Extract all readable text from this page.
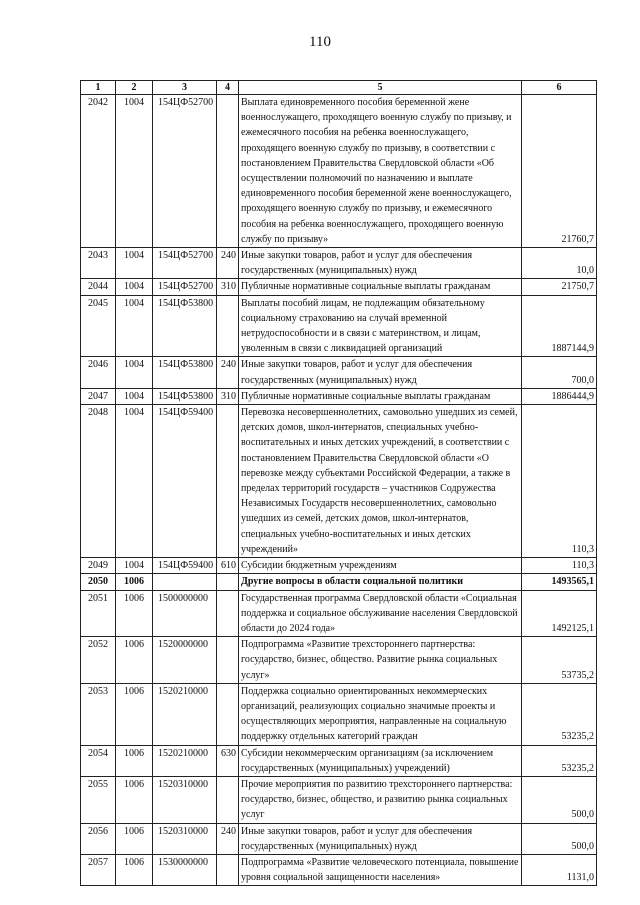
110
1	2	3	4	5	6
2042	1004	154ЦФ52700		Выплата единовременного пособия беременной жене военнослужащего, проходящего военную службу по призыву, и ежемесячного пособия на ребенка военнослужащего, проходящего военную службу по призыву, в соответствии с постановлением Правительства Свердловской области «Об осуществлении полномочий по назначению и выплате единовременного пособия беременной жене военнослужащего, проходящего военную службу по призыву, и ежемесячного пособия на ребенка военнослужащего, проходящего военную службу по призыву»	21760,7
2043	1004	154ЦФ52700	240	Иные закупки товаров, работ и услуг для обеспечения государственных (муниципальных) нужд	10,0
2044	1004	154ЦФ52700	310	Публичные нормативные социальные выплаты гражданам	21750,7
2045	1004	154ЦФ53800		Выплаты пособий лицам, не подлежащим обязательному социальному страхованию на случай временной нетрудоспособности и в связи с материнством, и лицам, уволенным в связи с ликвидацией организаций	1887144,9
2046	1004	154ЦФ53800	240	Иные закупки товаров, работ и услуг для обеспечения государственных (муниципальных) нужд	700,0
2047	1004	154ЦФ53800	310	Публичные нормативные социальные выплаты гражданам	1886444,9
2048	1004	154ЦФ59400		Перевозка несовершеннолетних, самовольно ушедших из семей, детских домов, школ-интернатов, специальных учебно-воспитательных и иных детских учреждений, в соответствии с постановлением Правительства Свердловской области «О перевозке между субъектами Российской Федерации, а также в пределах территорий государств – участников Содружества Независимых Государств несовершеннолетних, самовольно ушедших из семей, детских домов, школ-интернатов, специальных учебно-воспитательных и иных детских учреждений»	110,3
2049	1004	154ЦФ59400	610	Субсидии бюджетным учреждениям	110,3
2050	1006			Другие вопросы в области социальной политики	1493565,1
2051	1006	1500000000		Государственная программа Свердловской области «Социальная поддержка и социальное обслуживание населения Свердловской области до 2024 года»	1492125,1
2052	1006	1520000000		Подпрограмма «Развитие трехстороннего партнерства: государство, бизнес, общество. Развитие рынка социальных услуг»	53735,2
2053	1006	1520210000		Поддержка социально ориентированных некоммерческих организаций, реализующих социально значимые проекты и осуществляющих мероприятия, направленные на социальную поддержку отдельных категорий граждан	53235,2
2054	1006	1520210000	630	Субсидии некоммерческим организациям (за исключением государственных (муниципальных) учреждений)	53235,2
2055	1006	1520310000		Прочие мероприятия по развитию трехстороннего партнерства: государство, бизнес, общество, и развитию рынка социальных услуг	500,0
2056	1006	1520310000	240	Иные закупки товаров, работ и услуг для обеспечения государственных (муниципальных) нужд	500,0
2057	1006	1530000000		Подпрограмма «Развитие человеческого потенциала, повышение уровня социальной защищенности населения»	1131,0
